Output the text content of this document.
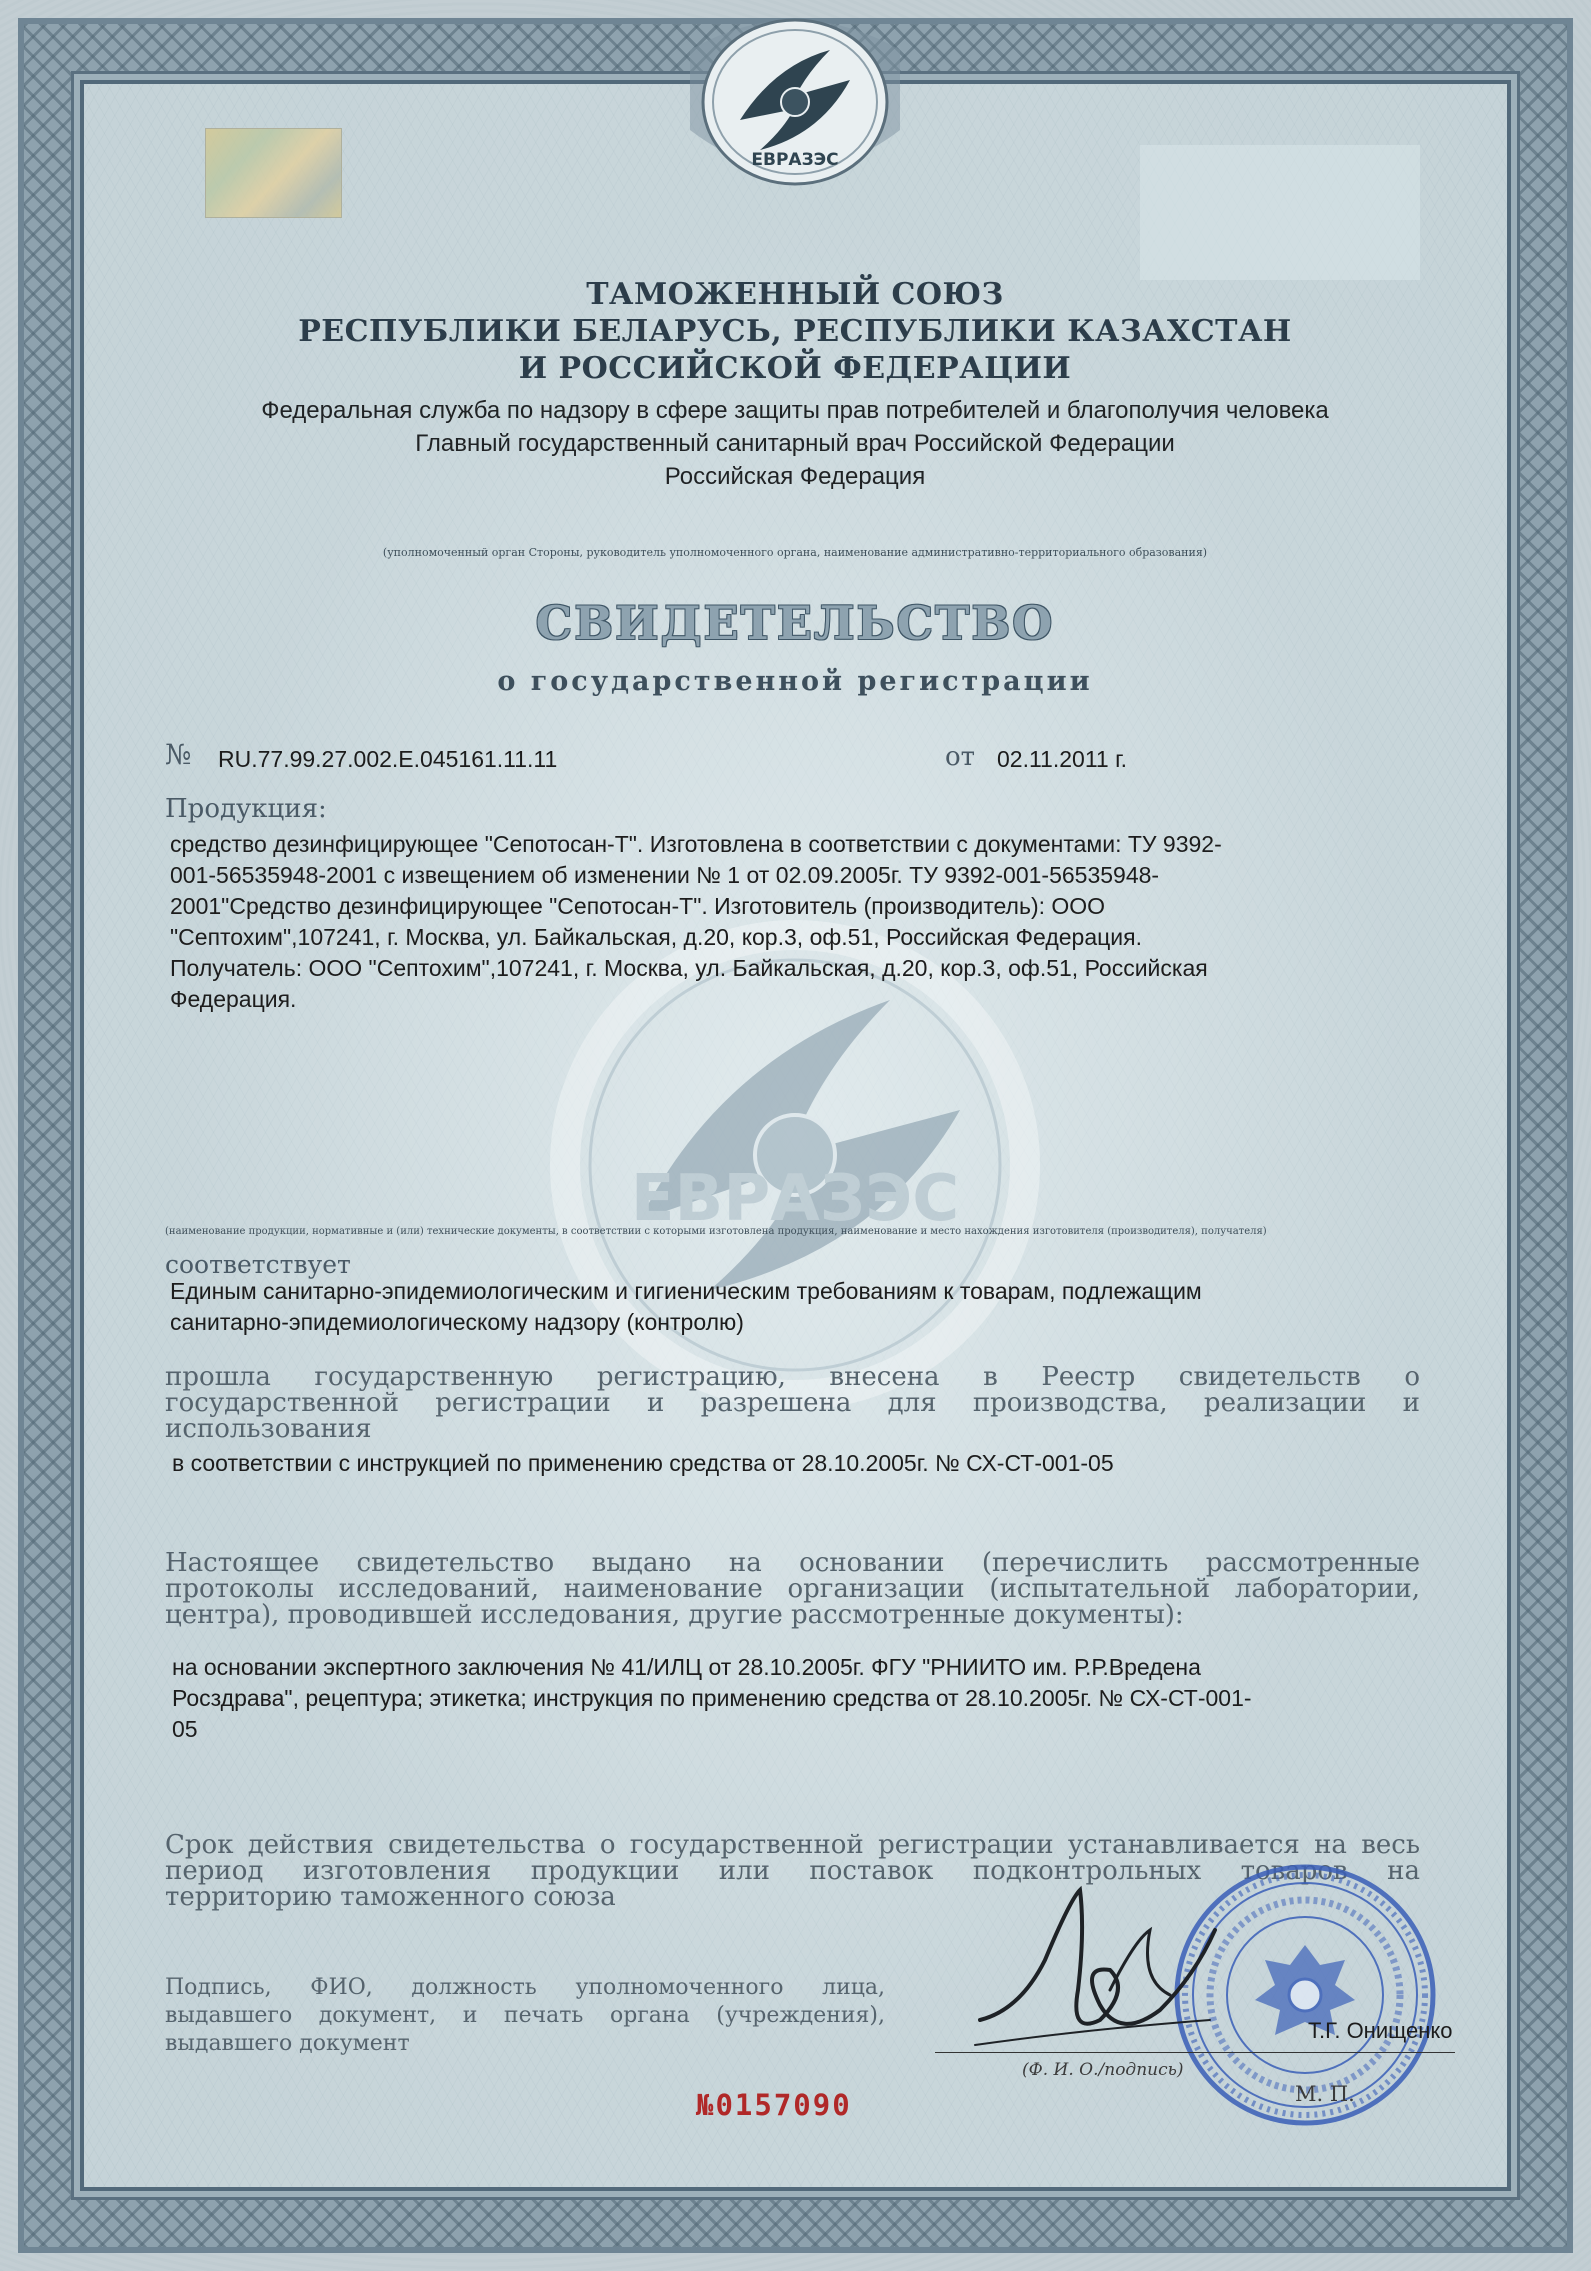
ЕВРАЗЭС
ТАМОЖЕННЫЙ СОЮЗ
РЕСПУБЛИКИ БЕЛАРУСЬ, РЕСПУБЛИКИ КАЗАХСТАН
И РОССИЙСКОЙ ФЕДЕРАЦИИ
Федеральная служба по надзору в сфере защиты прав потребителей и благополучия человека
Главный государственный санитарный врач Российской Федерации
Российская Федерация
(уполномоченный орган Стороны, руководитель уполномоченного органа, наименование административно-территориального образования)
СВИДЕТЕЛЬСТВО
о государственной регистрации
№ RU.77.99.27.002.E.045161.11.11	от 02.11.2011 г.
ЕВРАЗЭС
Продукция:
средство дезинфицирующее "Сепотосан-Т". Изготовлена в соответствии с документами: ТУ 9392-
001-56535948-2001 с извещением об изменении № 1 от 02.09.2005г. ТУ 9392-001-56535948-
2001"Средство дезинфицирующее "Сепотосан-Т". Изготовитель (производитель): ООО
"Септохим",107241, г. Москва, ул. Байкальская, д.20, кор.3, оф.51, Российская Федерация.
Получатель: ООО "Септохим",107241, г. Москва, ул. Байкальская, д.20, кор.3, оф.51, Российская
Федерация.
(наименование продукции, нормативные и (или) технические документы, в соответствии с которыми изготовлена продукция, наименование и место нахождения изготовителя (производителя), получателя)
соответствует
Единым санитарно-эпидемиологическим и гигиеническим требованиям к товарам, подлежащим
санитарно-эпидемиологическому надзору (контролю)
прошла государственную регистрацию, внесена в Реестр свидетельств о
государственной регистрации и разрешена для производства, реализации и
использования
в соответствии с инструкцией по применению средства от 28.10.2005г. № СХ-СТ-001-05
Настоящее свидетельство выдано на основании (перечислить рассмотренные
протоколы исследований, наименование организации (испытательной лаборатории,
центра), проводившей исследования, другие рассмотренные документы):
на основании экспертного заключения № 41/ИЛЦ от 28.10.2005г. ФГУ "РНИИТО им. Р.Р.Вредена
Росздрава", рецептура; этикетка; инструкция по применению средства от 28.10.2005г. № СХ-СТ-001-
05
Срок действия свидетельства о государственной регистрации устанавливается на весь
период изготовления продукции или поставок подконтрольных товаров на
территорию таможенного союза
Подпись, ФИО, должность уполномоченного лица,
выдавшего документ, и печать органа (учреждения),
выдавшего документ
Т.Г. Онищенко
(Ф. И. О./подпись)
М. П.
№0157090
